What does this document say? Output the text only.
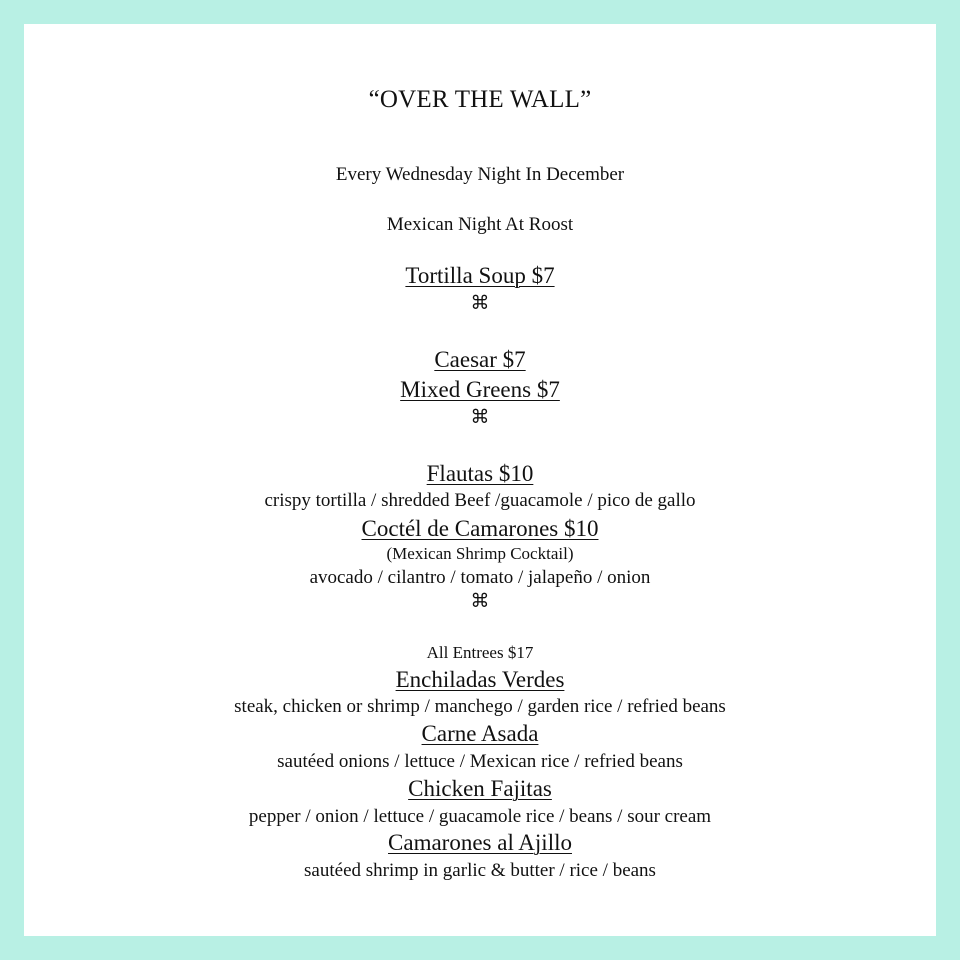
“OVER THE WALL”
Every Wednesday Night In December
Mexican Night At Roost
Tortilla Soup $7
⌘
Caesar $7
Mixed Greens $7
⌘
Flautas $10
crispy tortilla / shredded Beef /guacamole / pico de gallo
Coctél de Camarones $10
(Mexican Shrimp Cocktail)
avocado / cilantro / tomato / jalapeño / onion
⌘
All Entrees $17
Enchiladas Verdes
steak, chicken or shrimp / manchego / garden rice / refried beans
Carne Asada
sautéed onions / lettuce / Mexican rice / refried beans
Chicken Fajitas
pepper / onion / lettuce / guacamole rice / beans / sour cream
Camarones al Ajillo
sautéed shrimp in garlic & butter / rice / beans
